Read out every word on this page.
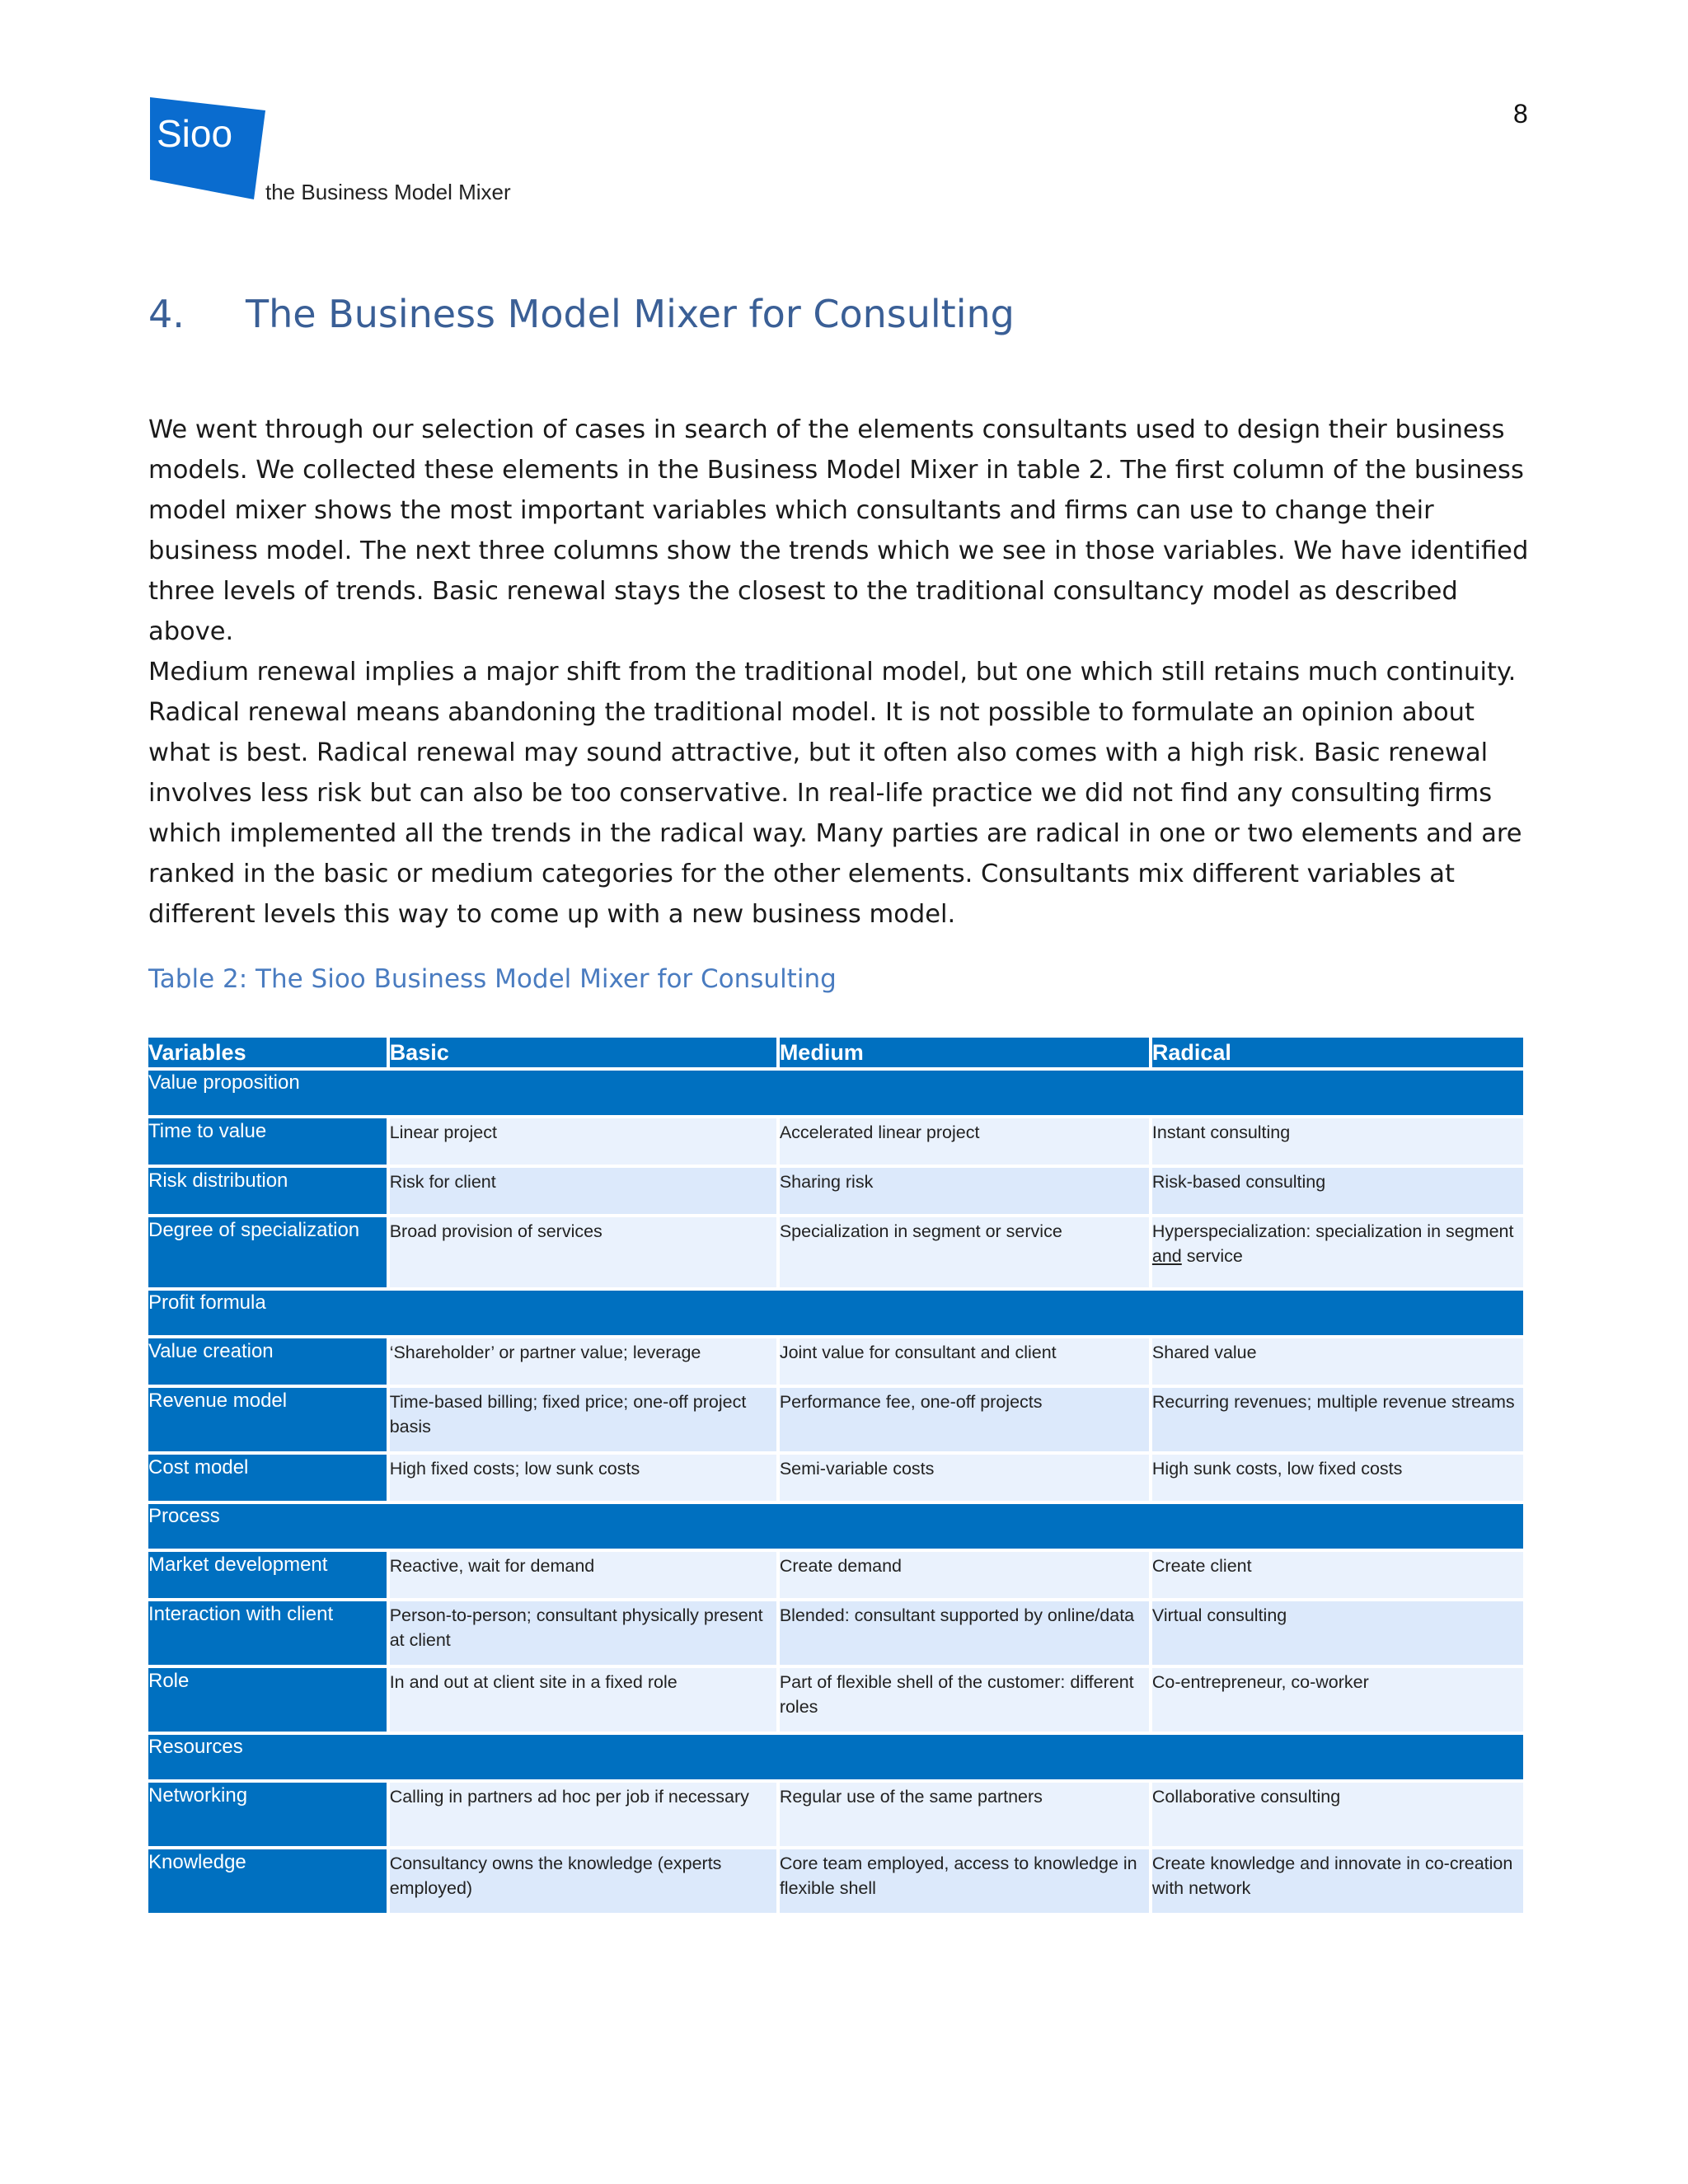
Sioo
the Business Model Mixer
8
4.	The Business Model Mixer for Consulting

We went through our selection of cases in search of the elements consultants used to design their business models. We collected these elements in the Business Model Mixer in table 2. The first column of the business model mixer shows the most important variables which consultants and firms can use to change their business model. The next three columns show the trends which we see in those variables. We have identified three levels of trends. Basic renewal stays the closest to the traditional consultancy model as described above.

Medium renewal implies a major shift from the traditional model, but one which still retains much continuity. Radical renewal means abandoning the traditional model. It is not possible to formulate an opinion about what is best. Radical renewal may sound attractive, but it often also comes with a high risk. Basic renewal involves less risk but can also be too conservative. In real-life practice we did not find any consulting firms which implemented all the trends in the radical way. Many parties are radical in one or two elements and are ranked in the basic or medium categories for the other elements. Consultants mix different variables at different levels this way to come up with a new business model.

Table 2: The Sioo Business Model Mixer for Consulting
Variables	Basic	Medium	Radical
Value proposition			
Time to value	Linear project	Accelerated linear project	Instant consulting
Risk distribution	Risk for client	Sharing risk	Risk-based consulting
Degree of specialization	Broad provision of services	Specialization in segment or service	Hyperspecialization: specialization in segment and service
Profit formula			
Value creation	‘Shareholder’ or partner value; leverage	Joint value for consultant and client	Shared value
Revenue model	Time-based billing; fixed price; one-off project basis	Performance fee, one-off projects	Recurring revenues; multiple revenue streams
Cost model	High fixed costs; low sunk costs	Semi-variable costs	High sunk costs, low fixed costs
Process			
Market development	Reactive, wait for demand	Create demand	Create client
Interaction with client	Person-to-person; consultant physically present at client	Blended: consultant supported by online/data	Virtual consulting
Role	In and out at client site in a fixed role	Part of flexible shell of the customer: different roles	Co-entrepreneur, co-worker
Resources			
Networking	Calling in partners ad hoc per job if necessary	Regular use of the same partners	Collaborative consulting
Knowledge	Consultancy owns the knowledge (experts employed)	Core team employed, access to knowledge in flexible shell	Create knowledge and innovate in co-creation with network
